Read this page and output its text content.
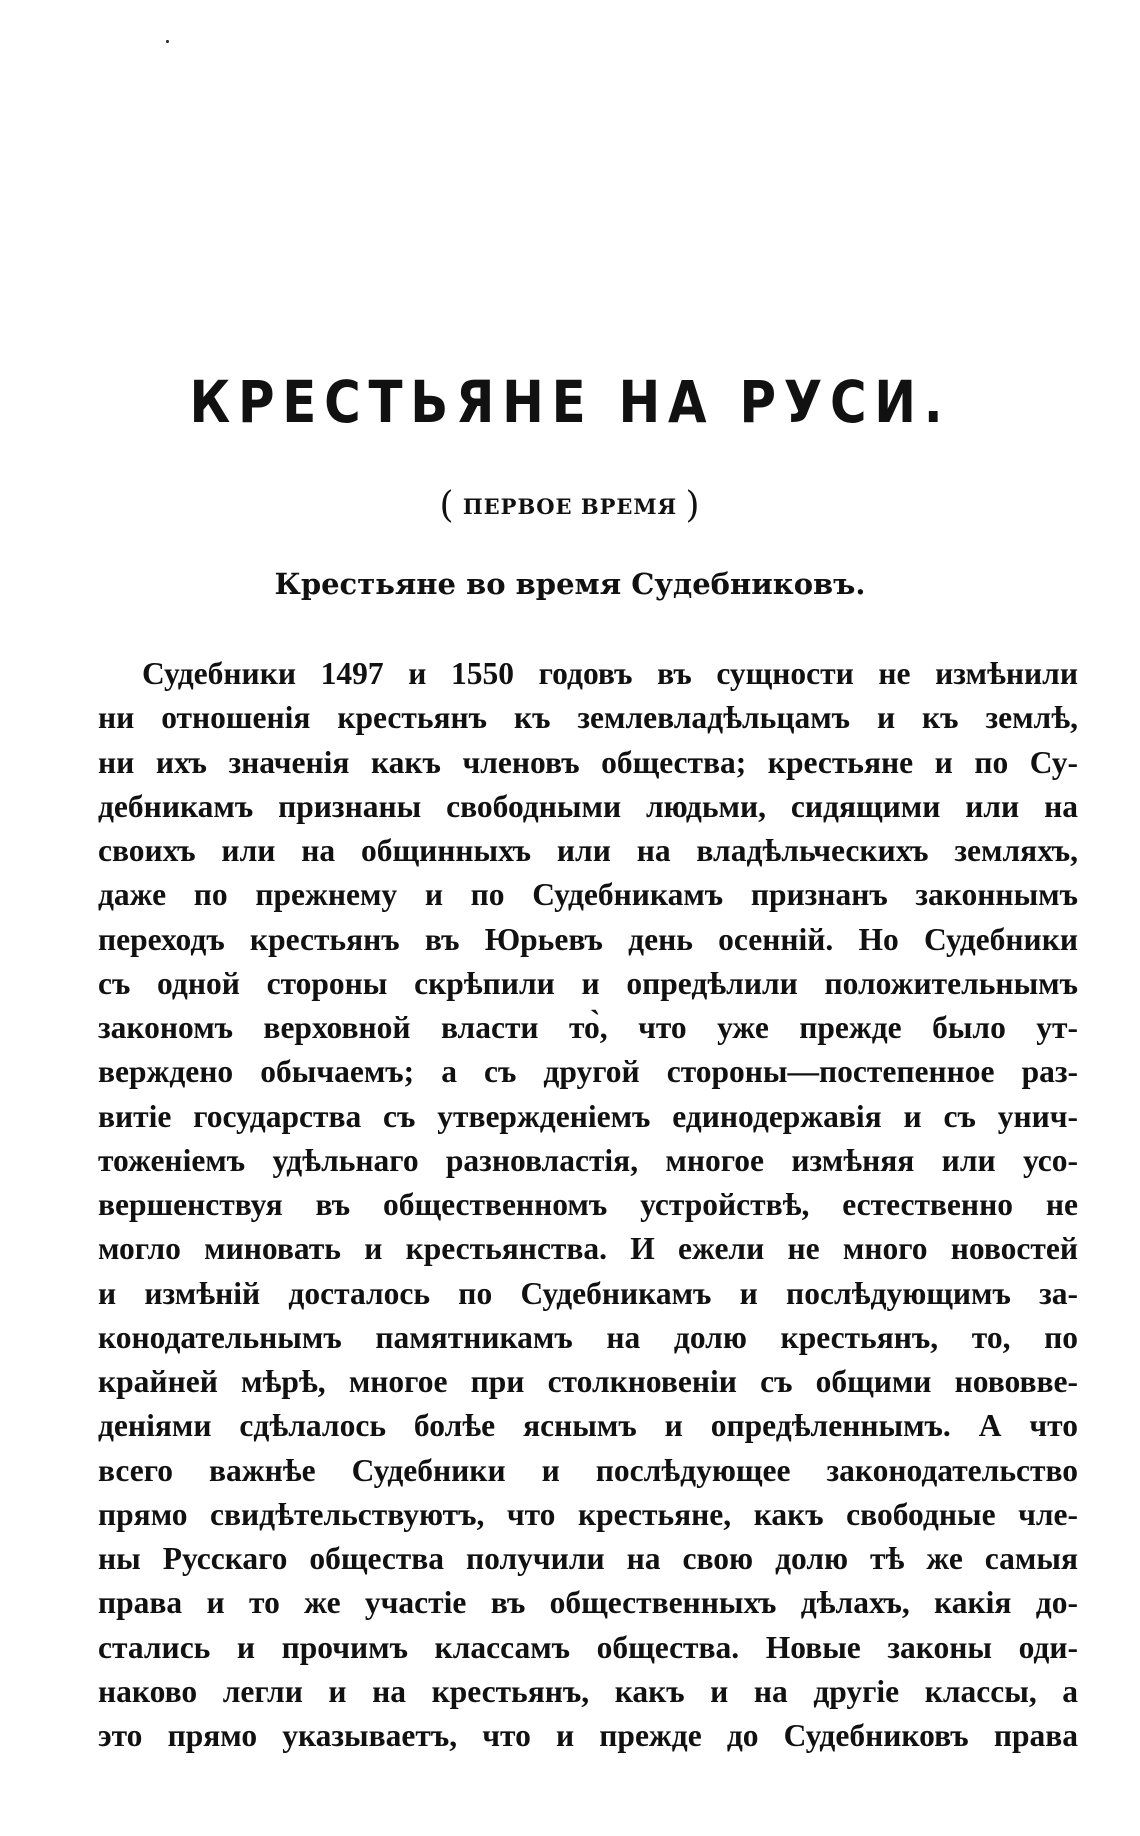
КРЕСТЬЯНЕ НА РУСИ.
( ПЕРВОЕ ВРЕМЯ )
Крестьяне во время Судебниковъ.
Судебники 1497 и 1550 годовъ въ сущности не измѣнили
ни отношенія крестьянъ къ землевладѣльцамъ и къ землѣ,
ни ихъ значенія какъ членовъ общества; крестьяне и по Су-
дебникамъ признаны свободными людьми, сидящими или на
своихъ или на общинныхъ или на владѣльческихъ земляхъ,
даже по прежнему и по Судебникамъ признанъ законнымъ
переходъ крестьянъ въ Юрьевъ день осенній. Но Судебники
съ одной стороны скрѣпили и опредѣлили положительнымъ
закономъ верховной власти то̀, что уже прежде было ут-
верждено обычаемъ; а съ другой стороны—постепенное раз-
витіе государства съ утвержденіемъ единодержавія и съ унич-
тоженіемъ удѣльнаго разновластія, многое измѣняя или усо-
вершенствуя въ общественномъ устройствѣ, естественно не
могло миновать и крестьянства. И ежели не много новостей
и измѣній досталось по Судебникамъ и послѣдующимъ за-
конодательнымъ памятникамъ на долю крестьянъ, то, по
крайней мѣрѣ, многое при столкновеніи съ общими нововве-
деніями сдѣлалось болѣе яснымъ и опредѣленнымъ. А что
всего важнѣе Судебники и послѣдующее законодательство
прямо свидѣтельствуютъ, что крестьяне, какъ свободные чле-
ны Русскаго общества получили на свою долю тѣ же самыя
права и то же участіе въ общественныхъ дѣлахъ, какія до-
стались и прочимъ классамъ общества. Новые законы оди-
наково легли и на крестьянъ, какъ и на другіе классы, а
это прямо указываетъ, что и прежде до Судебниковъ права
